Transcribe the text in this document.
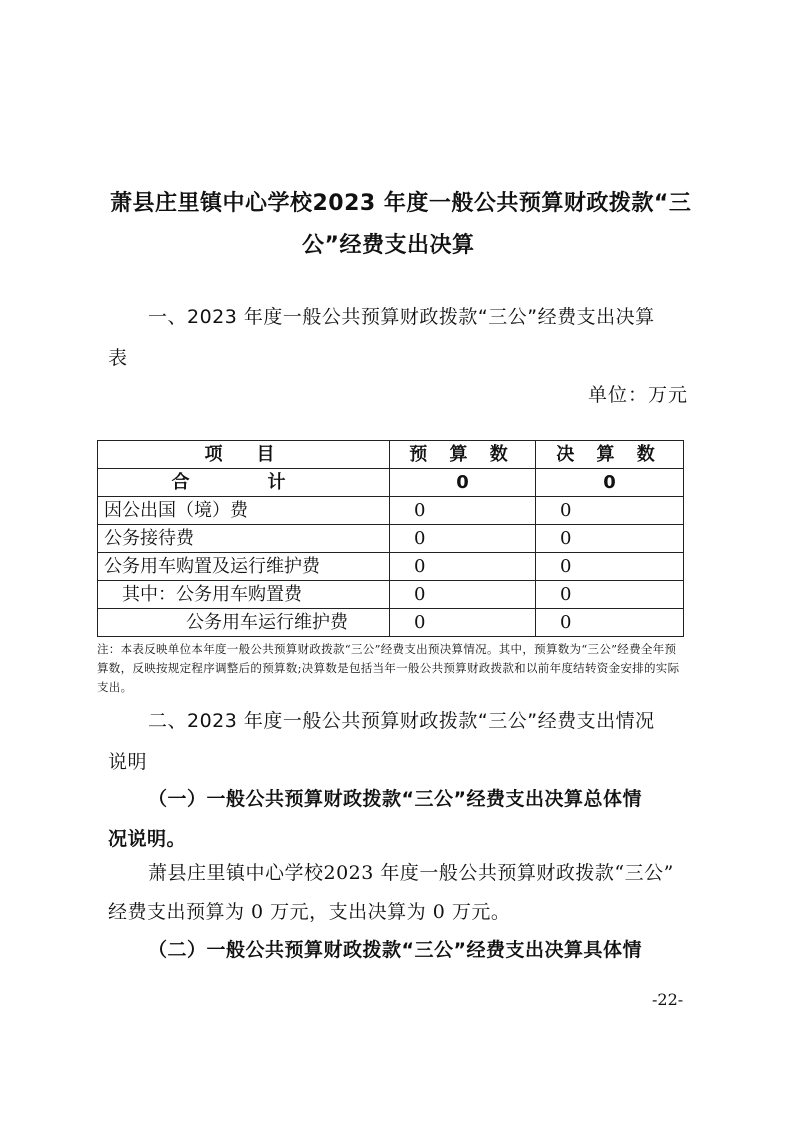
萧县庄里镇中心学校2023 年度一般公共预算财政拨款“三
公”经费支出决算
一、2023 年度一般公共预算财政拨款“三公”经费支出决算
表
单位：万元
项　目	预 算 数	决 算 数
合　计	0	0
因公出国（境）费	0	0
公务接待费	0	0
公务用车购置及运行维护费	0	0
其中：公务用车购置费	0	0
公务用车运行维护费	0	0
注：本表反映单位本年度一般公共预算财政拨款“三公”经费支出预决算情况。其中，预算数为“三公”经费全年预算数，反映按规定程序调整后的预算数;决算数是包括当年一般公共预算财政拨款和以前年度结转资金安排的实际支出。
二、2023 年度一般公共预算财政拨款“三公”经费支出情况
说明
（一）一般公共预算财政拨款“三公”经费支出决算总体情
况说明。
萧县庄里镇中心学校2023 年度一般公共预算财政拨款“三公”
经费支出预算为 0 万元，支出决算为 0 万元。
（二）一般公共预算财政拨款“三公”经费支出决算具体情
-22-
